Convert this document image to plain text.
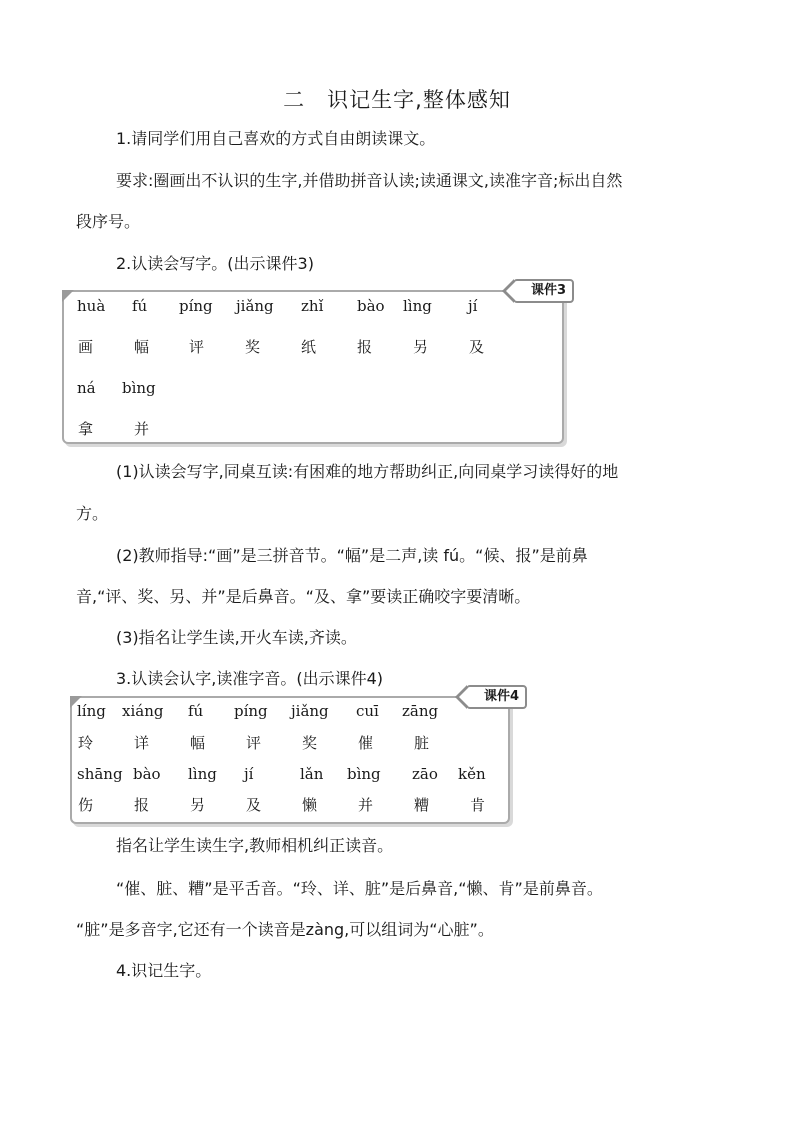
二　识记生字,整体感知
1.请同学们用自己喜欢的方式自由朗读课文。
要求:圈画出不认识的生字,并借助拼音认读;读通课文,读准字音;标出自然
段序号。
2.认读会写字。(出示课件3)
课件3
huà fú píng jiǎng zhǐ bào lìng jí
画	幅	评	奖	纸	报	另	及
ná bìng
拿	并
(1)认读会写字,同桌互读:有困难的地方帮助纠正,向同桌学习读得好的地
方。
(2)教师指导:“画”是三拼音节。“幅”是二声,读 fú。“候、报”是前鼻
音,“评、奖、另、并”是后鼻音。“及、拿”要读正确咬字要清晰。
(3)指名让学生读,开火车读,齐读。
3.认读会认字,读准字音。(出示课件4)
课件4
líng xiáng fú píng jiǎng cuī zāng
玲	详	幅	评	奖	催	脏
shāng bào lìng jí	lǎn bìng zāo kěn
伤	报	另	及	懒	并	糟	肯
指名让学生读生字,教师相机纠正读音。
“催、脏、糟”是平舌音。“玲、详、脏”是后鼻音,“懒、肯”是前鼻音。
“脏”是多音字,它还有一个读音是zàng,可以组词为“心脏”。
4.识记生字。
